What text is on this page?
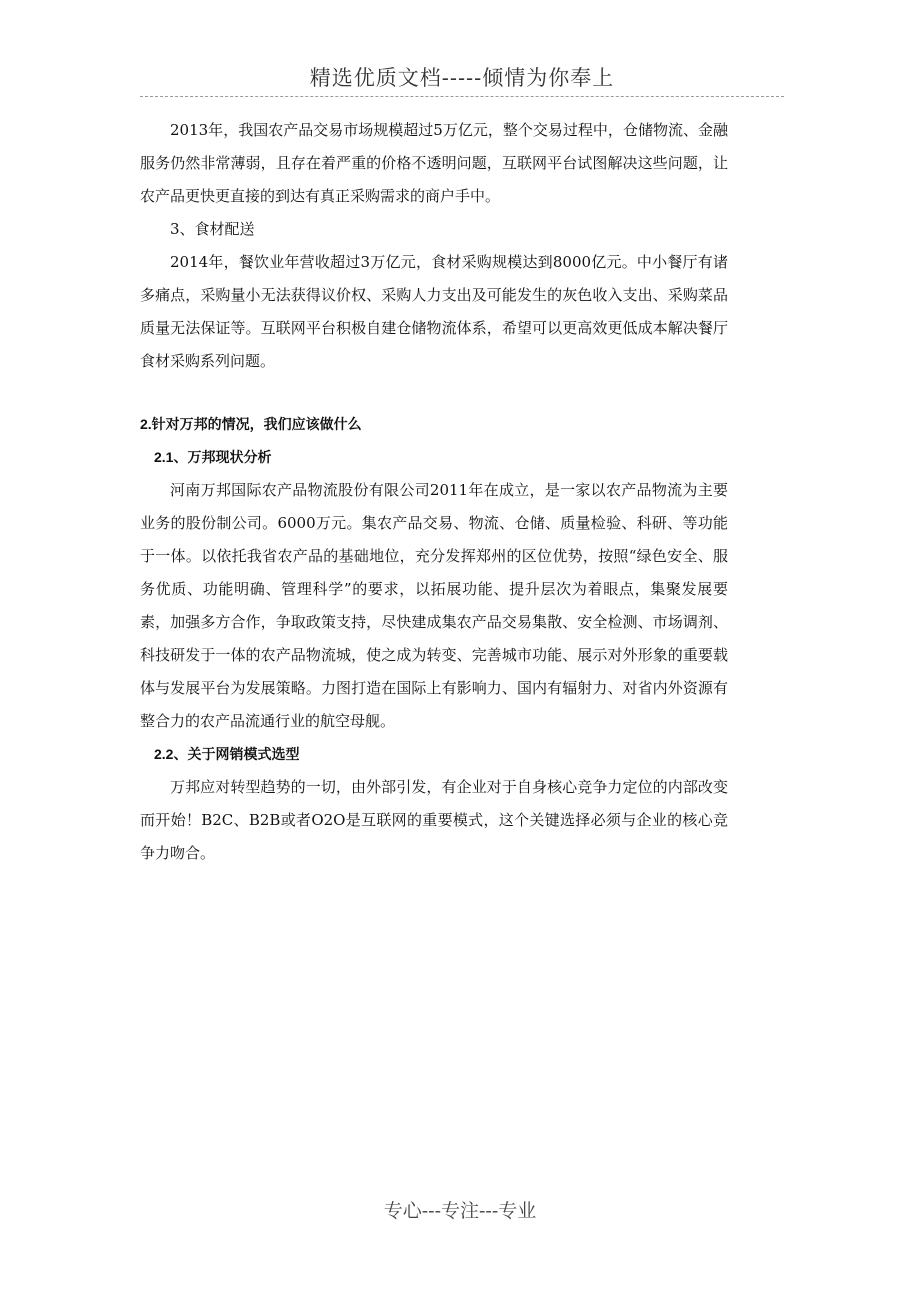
精选优质文档-----倾情为你奉上

2013年，我国农产品交易市场规模超过5万亿元，整个交易过程中，仓储物流、金融服务仍然非常薄弱，且存在着严重的价格不透明问题，互联网平台试图解决这些问题，让农产品更快更直接的到达有真正采购需求的商户手中。

3、食材配送

2014年，餐饮业年营收超过3万亿元，食材采购规模达到8000亿元。中小餐厅有诸多痛点，采购量小无法获得议价权、采购人力支出及可能发生的灰色收入支出、采购菜品质量无法保证等。互联网平台积极自建仓储物流体系，希望可以更高效更低成本解决餐厅食材采购系列问题。

2.针对万邦的情况，我们应该做什么
2.1、万邦现状分析

河南万邦国际农产品物流股份有限公司2011年在成立，是一家以农产品物流为主要业务的股份制公司。6000万元。集农产品交易、物流、仓储、质量检验、科研、等功能于一体。以依托我省农产品的基础地位，充分发挥郑州的区位优势，按照“绿色安全、服务优质、功能明确、管理科学”的要求，以拓展功能、提升层次为着眼点，集聚发展要素，加强多方合作，争取政策支持，尽快建成集农产品交易集散、安全检测、市场调剂、科技研发于一体的农产品物流城，使之成为转变、完善城市功能、展示对外形象的重要载体与发展平台为发展策略。力图打造在国际上有影响力、国内有辐射力、对省内外资源有整合力的农产品流通行业的航空母舰。

2.2、关于网销模式选型

万邦应对转型趋势的一切，由外部引发，有企业对于自身核心竞争力定位的内部改变而开始！B2C、B2B或者O2O是互联网的重要模式，这个关键选择必须与企业的核心竞争力吻合。

专心---专注---专业
